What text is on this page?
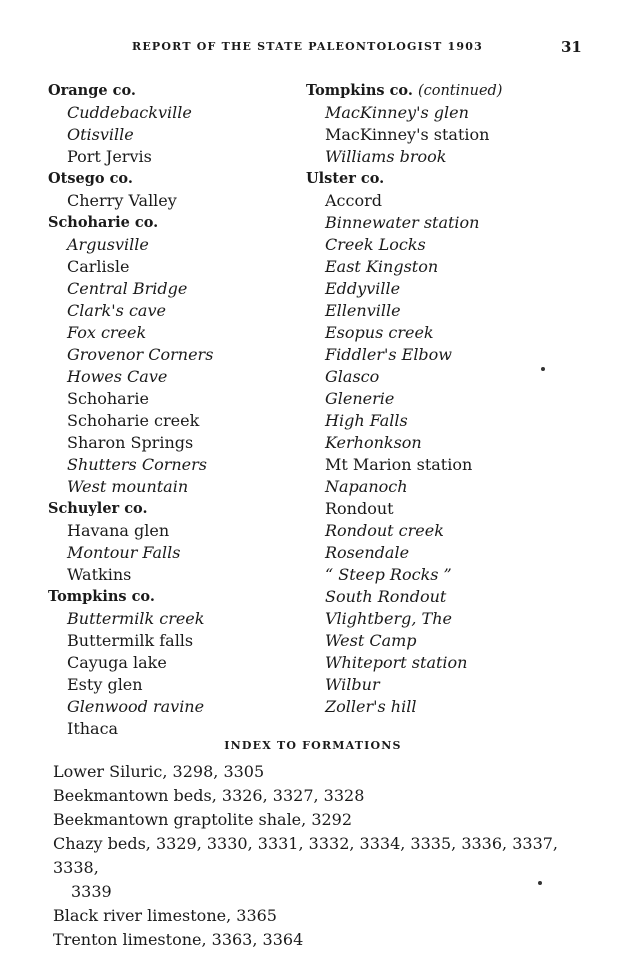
REPORT OF THE STATE PALEONTOLOGIST 1903	31
Orange co.
Cuddebackville
Otisville
Port Jervis
Otsego co.
Cherry Valley
Schoharie co.
Argusville
Carlisle
Central Bridge
Clark's cave
Fox creek
Grovenor Corners
Howes Cave
Schoharie
Schoharie creek
Sharon Springs
Shutters Corners
West mountain
Schuyler co.
Havana glen
Montour Falls
Watkins
Tompkins co.
Buttermilk creek
Buttermilk falls
Cayuga lake
Esty glen
Glenwood ravine
Ithaca
Tompkins co. (continued)
MacKinney's glen
MacKinney's station
Williams brook
Ulster co.
Accord
Binnewater station
Creek Locks
East Kingston
Eddyville
Ellenville
Esopus creek
Fiddler's Elbow
Glasco
Glenerie
High Falls
Kerhonkson
Mt Marion station
Napanoch
Rondout
Rondout creek
Rosendale
“ Steep Rocks ”
South Rondout
Vlightberg, The
West Camp
Whiteport station
Wilbur
Zoller's hill
INDEX TO FORMATIONS
Lower Siluric, 3298, 3305
Beekmantown beds, 3326, 3327, 3328
Beekmantown graptolite shale, 3292
Chazy beds, 3329, 3330, 3331, 3332, 3334, 3335, 3336, 3337, 3338,
3339
Black river limestone, 3365
Trenton limestone, 3363, 3364
